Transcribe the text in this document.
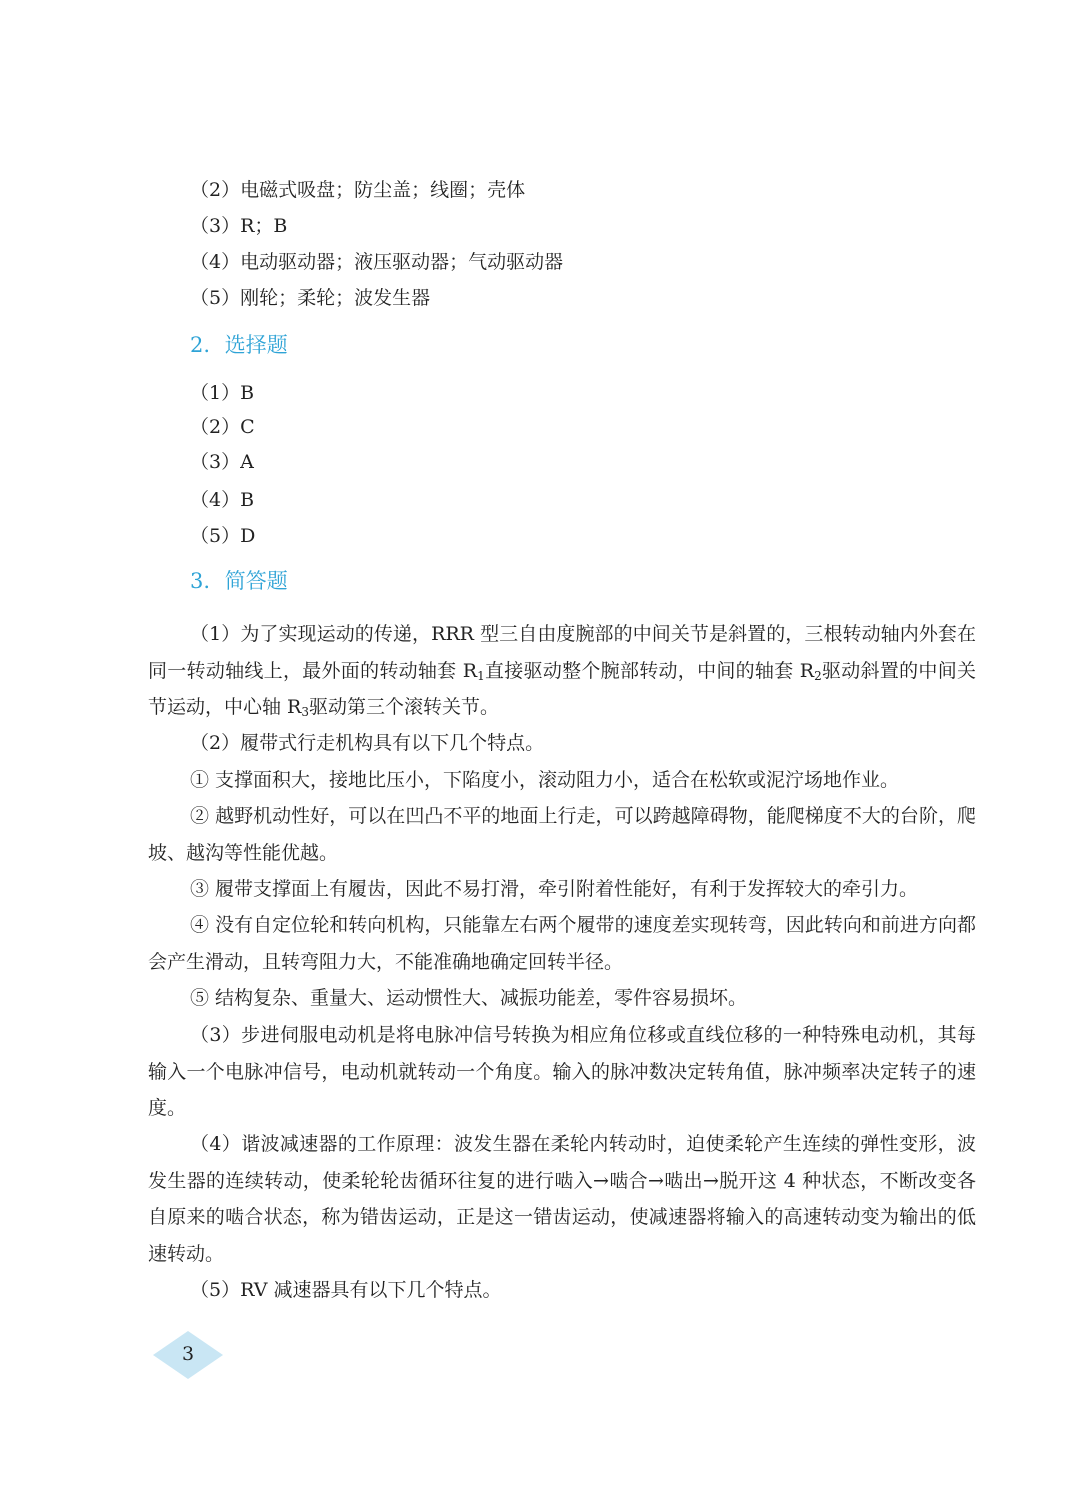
（2）电磁式吸盘；防尘盖；线圈；壳体

（3）R；B

（4）电动驱动器；液压驱动器；气动驱动器

（5）刚轮；柔轮；波发生器

2. 选择题

（1）B

（2）C

（3）A

（4）B

（5）D

3. 简答题

（1）为了实现运动的传递，RRR 型三自由度腕部的中间关节是斜置的，三根转动轴内外套在同一转动轴线上，最外面的转动轴套 $R_1$直接驱动整个腕部转动，中间的轴套 $R_2$驱动斜置的中间关节运动，中心轴 $R_3$驱动第三个滚转关节。

（2）履带式行走机构具有以下几个特点。

① 支撑面积大，接地比压小，下陷度小，滚动阻力小，适合在松软或泥泞场地作业。

② 越野机动性好，可以在凹凸不平的地面上行走，可以跨越障碍物，能爬梯度不大的台阶，爬坡、越沟等性能优越。

③ 履带支撑面上有履齿，因此不易打滑，牵引附着性能好，有利于发挥较大的牵引力。

④ 没有自定位轮和转向机构，只能靠左右两个履带的速度差实现转弯，因此转向和前进方向都会产生滑动，且转弯阻力大，不能准确地确定回转半径。

⑤ 结构复杂、重量大、运动惯性大、减振功能差，零件容易损坏。

（3）步进伺服电动机是将电脉冲信号转换为相应角位移或直线位移的一种特殊电动机，其每输入一个电脉冲信号，电动机就转动一个角度。输入的脉冲数决定转角值，脉冲频率决定转子的速度。

（4）谐波减速器的工作原理：波发生器在柔轮内转动时，迫使柔轮产生连续的弹性变形，波发生器的连续转动，使柔轮轮齿循环往复的进行啮入→啮合→啮出→脱开这 4 种状态，不断改变各自原来的啮合状态，称为错齿运动，正是这一错齿运动，使减速器将输入的高速转动变为输出的低速转动。

（5）RV 减速器具有以下几个特点。

3
